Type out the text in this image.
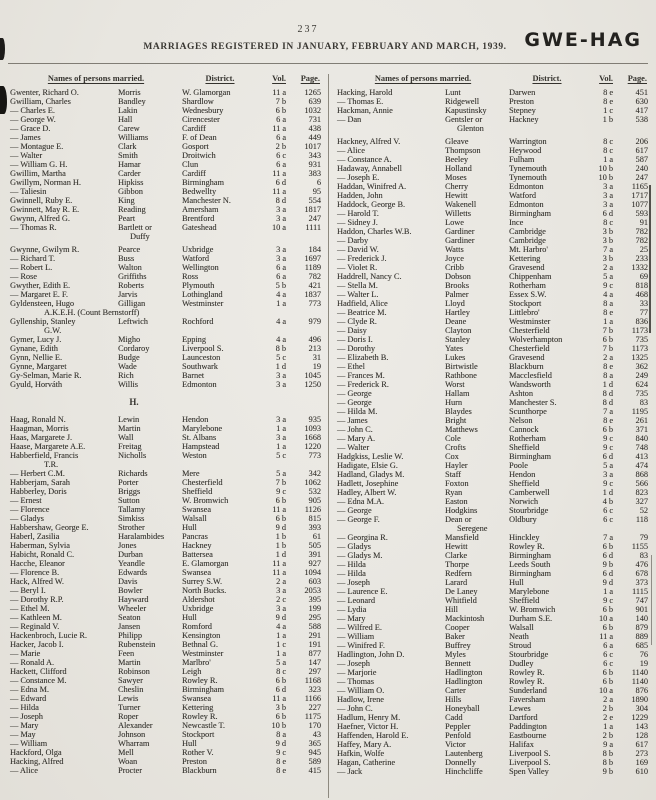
237
MARRIAGES REGISTERED IN JANUARY, FEBRUARY AND MARCH, 1939. GWE-HAG
Names of persons married.	District.	Vol.	Page.
Gwenter, Richard O.	Morris	W. Glamorgan	11 a	1265
Gwilliam, Charles	Bandley	Shardlow	7 b	639
— Charles E.	Lakin	Wednesbury	6 b	1032
— George W.	Hall	Cirencester	6 a	731
— Grace D.	Carew	Cardiff	11 a	438
— James	Williams	F. of Dean	6 a	449
— Montague E.	Clark	Gosport	2 b	1017
— Walter	Smith	Droitwich	6 c	343
— William G. H.	Hamar	Clun	6 a	931
Gwillim, Martha	Carder	Cardiff	11 a	383
Gwillym, Norman H.	Hipkiss	Birmingham	6 d	6
— Taliesin	Gibbon	Bedwellty	11 a	95
Gwinnell, Ruby E.	King	Manchester N.	8 d	554
Gwinnett, May R. E.	Reading	Amersham	3 a	1817
Gwynn, Alfred G.	Peart	Brentford	3 a	247
— Thomas R.	Bartlett or	Gateshead	10 a	1111
Duffy
Gwynne, Gwilym R.	Pearce	Uxbridge	3 a	184
— Richard T.	Buss	Watford	3 a	1697
— Robert L.	Walton	Wellington	6 a	1189
— Rose	Griffiths	Ross	6 a	782
Gwyther, Edith E.	Roberts	Plymouth	5 b	421
— Margaret E. F.	Jarvis	Lothingland	4 a	1837
Gyldensteen, Hugo	Gilligan	Westminster	1 a	773
A.K.E.H. (Count Bernstorff)
Gyllenship, Stanley	Leftwich	Rochford	4 a	979
G.W.
Gymer, Lucy J.	Migho	Epping	4 a	496
Gynane, Edith	Cordaroy	Liverpool S.	8 b	213
Gynn, Nellie E.	Budge	Launceston	5 c	31
Gynne, Margaret	Wade	Southwark	1 d	19
Gy-Selman, Marie R.	Rich	Barnet	3 a	1045
Gyuld, Horváth	Willis	Edmonton	3 a	1250
H.
Haag, Ronald N.	Lewin	Hendon	3 a	935
Haagman, Morris	Martin	Marylebone	1 a	1093
Haas, Margarete J.	Wall	St. Albans	3 a	1668
Haase, Margarete A.E.	Freitag	Hampstead	1 a	1220
Habberfield, Francis	Nicholls	Weston	5 c	773
T.R.
— Herbert C.M.	Richards	Mere	5 a	342
Habberjam, Sarah	Porter	Chesterfield	7 b	1062
Habberley, Doris	Briggs	Sheffield	9 c	532
— Ernest	Sutton	W. Bromwich	6 b	905
— Florence	Tallamy	Swansea	11 a	1126
— Gladys	Simkiss	Walsall	6 b	815
Habbershaw, George E.	Strother	Hull	9 d	393
Haberl, Zasilia	Haralambides	Pancras	1 b	61
Haberman, Sylvia	Jones	Hackney	1 b	505
Habicht, Ronald C.	Durban	Battersea	1 d	391
Hacche, Eleanor	Yeandle	E. Glamorgan	11 a	927
— Florence B.	Edwards	Swansea	11 a	1094
Hack, Alfred W.	Davis	Surrey S.W.	2 a	603
— Beryl I.	Bowler	North Bucks.	3 a	2053
— Dorothy R.P.	Hayward	Aldershot	2 c	395
— Ethel M.	Wheeler	Uxbridge	3 a	199
— Kathleen M.	Seaton	Hull	9 d	295
— Reginald V.	Jansen	Romford	4 a	588
Hackenbroch, Lucie R.	Philipp	Kensington	1 a	291
Hacker, Jacob I.	Rubenstein	Bethnal G.	1 c	191
— Marie	Feen	Westminster	1 a	877
— Ronald A.	Martin	Marlbro'	5 a	147
Hackett, Clifford	Robinson	Leigh	8 c	297
— Constance M.	Sawyer	Rowley R.	6 b	1168
— Edna M.	Cheslin	Birmingham	6 d	323
— Edward	Lewis	Swansea	11 a	1166
— Hilda	Turner	Kettering	3 b	227
— Joseph	Roper	Rowley R.	6 b	1175
— Mary	Alexander	Newcastle T.	10 b	170
— May	Johnson	Stockport	8 a	43
— William	Wharram	Hull	9 d	365
Hackford, Olga	Mell	Rother V.	9 c	945
Hacking, Alfred	Woan	Preston	8 e	589
— Alice	Procter	Blackburn	8 e	415
Names of persons married.	District.	Vol.	Page.
Hacking, Harold	Lunt	Darwen	8 e	451
— Thomas E.	Ridgewell	Preston	8 e	630
Hackman, Annie	Kapustinsky	Stepney	1 c	417
— Dan	Gentsler or	Hackney	1 b	538
Glenton
Hackney, Alfred V.	Gleave	Warrington	8 c	206
— Alice	Thompson	Heywood	8 c	617
— Constance A.	Beeley	Fulham	1 a	587
Hadaway, Annabell	Holland	Tynemouth	10 b	240
— Joseph E.	Moses	Tynemouth	10 b	247
Haddan, Winifred A.	Cherry	Edmonton	3 a	1165
Hadden, John	Hewitt	Watford	3 a	1717
Haddock, George B.	Wakenell	Edmonton	3 a	1077
— Harold T.	Willetts	Birmingham	6 d	593
— Sidney J.	Lowe	Ince	8 c	91
Haddon, Charles W.B.	Gardiner	Cambridge	3 b	782
— Darby	Gardiner	Cambridge	3 b	782
— David W.	Watts	Mt. Harbro'	7 a	25
— Frederick J.	Joyce	Kettering	3 b	233
— Violet R.	Cribb	Gravesend	2 a	1332
Haddrell, Nancy C.	Dobson	Chippenham	5 a	69
— Stella M.	Brooks	Rotherham	9 c	818
— Walter L.	Palmer	Essex S.W.	4 a	468
Hadfield, Alice	Lloyd	Stockport	8 a	33
— Beatrice M.	Hartley	Littlebro'	8 e	77
— Clyde R.	Deane	Westminster	1 a	836
— Daisy	Clayton	Chesterfield	7 b	1173
— Doris I.	Stanley	Wolverhampton	6 b	735
— Dorothy	Yates	Chesterfield	7 b	1173
— Elizabeth B.	Lukes	Gravesend	2 a	1325
— Ethel	Birtwistle	Blackburn	8 e	362
— Frances M.	Rathbone	Macclesfield	8 a	249
— Frederick R.	Worst	Wandsworth	1 d	624
— George	Hallam	Ashton	8 d	735
— George	Hurn	Manchester S.	8 d	83
— Hilda M.	Blaydes	Scunthorpe	7 a	1195
— James	Bright	Nelson	8 e	261
— John C.	Matthews	Cannock	6 b	371
— Mary A.	Cole	Rotherham	9 c	840
— Walter	Crofts	Sheffield	9 c	748
Hadgkiss, Leslie W.	Cox	Birmingham	6 d	413
Hadigate, Elsie G.	Hayler	Poole	5 a	474
Hadland, Gladys M.	Staff	Hendon	3 a	868
Hadlett, Josephine	Foxton	Sheffield	9 c	566
Hadley, Albert W.	Ryan	Camberwell	1 d	823
— Edna M.A.	Easton	Norwich	4 b	327
— George	Hodgkins	Stourbridge	6 c	52
— George F.	Dean or	Oldbury	6 c	118
Seregene
— Georgina R.	Mansfield	Hinckley	7 a	79
— Gladys	Hewitt	Rowley R.	6 b	1155
— Gladys M.	Clarke	Birmingham	6 d	83
— Hilda	Thorpe	Leeds South	9 b	476
— Hilda	Redfern	Birmingham	6 d	678
— Joseph	Larard	Hull	9 d	373
— Laurence E.	De Laney	Marylebone	1 a	1115
— Leonard	Whitfield	Sheffield	9 c	747
— Lydia	Hill	W. Bromwich	6 b	901
— Mary	Mackintosh	Durham S.E.	10 a	140
— Wilfred E.	Cooper	Walsall	6 b	879
— William	Baker	Neath	11 a	889
— Winifred F.	Buffrey	Stroud	6 a	685
Hadlington, John D.	Myles	Stourbridge	6 c	76
— Joseph	Bennett	Dudley	6 c	19
— Marjorie	Hadlington	Rowley R.	6 b	1140
— Thomas	Hadlington	Rowley R.	6 b	1140
— William O.	Carter	Sunderland	10 a	876
Hadlow, Irene	Hills	Faversham	2 a	1890
— John C.	Honeyball	Lewes	2 b	304
Hadlum, Henry M.	Cadd	Dartford	2 e	1229
Haefner, Victor H.	Peppler	Paddington	1 a	143
Haffenden, Harold E.	Penfold	Eastbourne	2 b	128
Haffey, Mary A.	Victor	Halifax	9 a	617
Hafkin, Wolfe	Lautenberg	Liverpool S.	8 b	273
Hagan, Catherine	Donnelly	Liverpool S.	8 b	169
— Jack	Hinchcliffe	Spen Valley	9 b	610
